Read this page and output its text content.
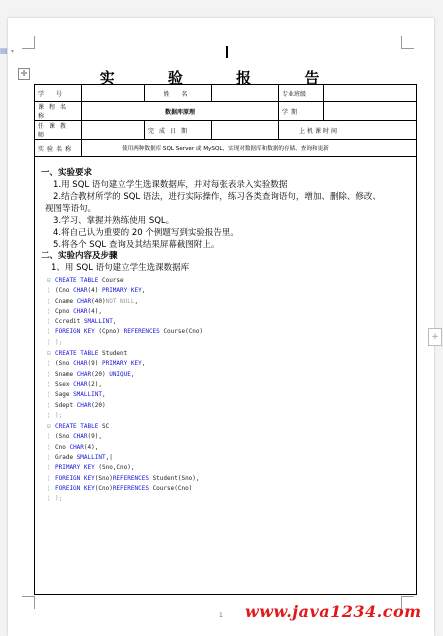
▤ ▾
✛
+
实 验 报 告
学 号		姓 名		专业班级	
课程名称	数据库原理			学期	
任课教师		完成日期		上机课时间	
实验名称	使用两种数据库 SQL Server 或 MySQL，实现对数据库和数据的存储、查询和更新				
一、实验要求
1.用 SQL 语句建立学生选课数据库，并对每张表录入实验数据
2.结合教材所学的 SQL 语法，进行实际操作，练习各类查询语句，增加、删除、修改、
视图等语句。
3.学习、掌握并熟练使用 SQL。
4.将自己认为重要的 20 个例题写到实验报告里。
5.将各个 SQL 查询及其结果屏幕截图附上。
二、实验内容及步骤
1、用 SQL 语句建立学生选课数据库
⊟ CREATE TABLE Course
¦ (Cno CHAR(4) PRIMARY KEY,
¦ Cname CHAR(40)NOT NULL,
¦ Cpno CHAR(4),
¦ Ccredit SMALLINT,
¦ FOREIGN KEY (Cpno) REFERENCES Course(Cno)
¦ );
⊟ CREATE TABLE Student
¦ (Sno CHAR(9) PRIMARY KEY,
¦ Sname CHAR(20) UNIQUE,
¦ Ssex CHAR(2),
¦ Sage SMALLINT,
¦ Sdept CHAR(20)
¦ );
⊟ CREATE TABLE SC
¦ (Sno CHAR(9),
¦ Cno CHAR(4),
¦ Grade SMALLINT,|
¦ PRIMARY KEY (Sno,Cno),
¦ FOREIGN KEY(Sno)REFERENCES Student(Sno),
¦ FOREIGN KEY(Cno)REFERENCES Course(Cno)
¦ );
1 www.java1234.com
